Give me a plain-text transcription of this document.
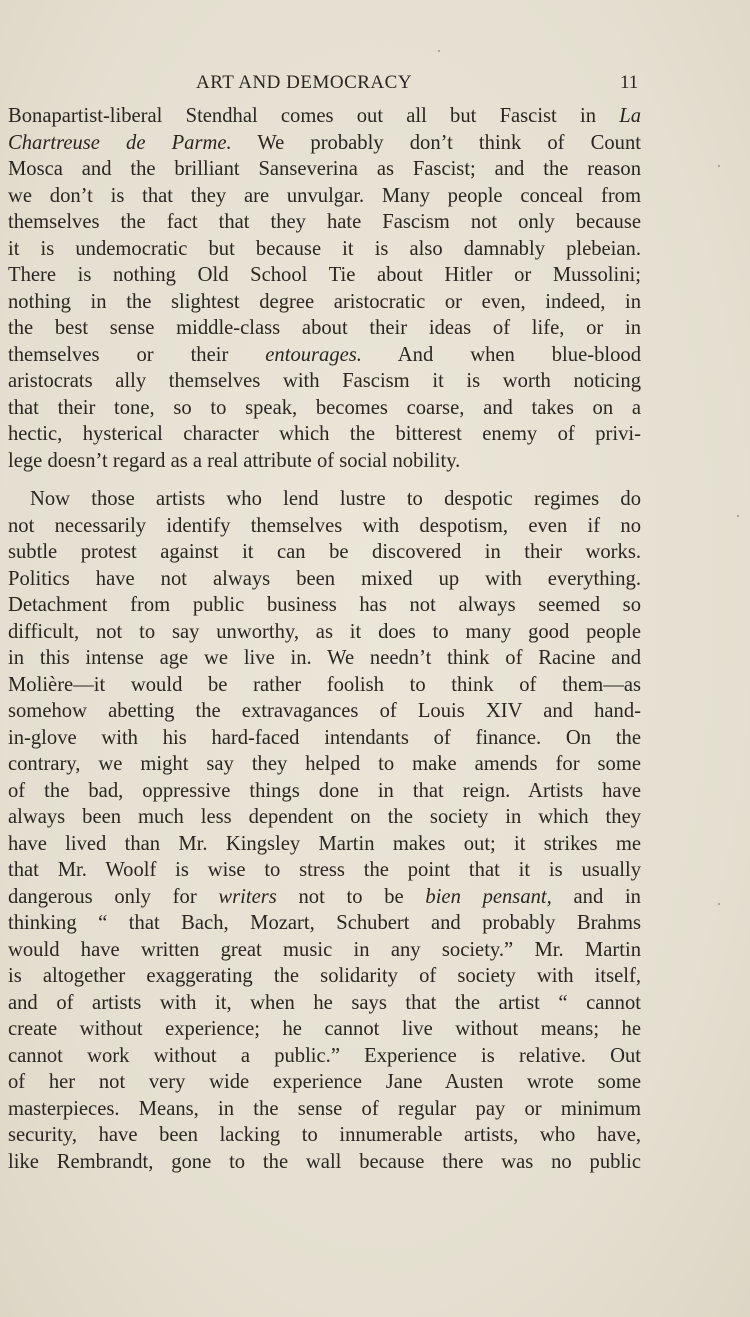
ART AND DEMOCRACY	11
Bonapartist-liberal Stendhal comes out all but Fascist in La
Chartreuse de Parme. We probably don’t think of Count
Mosca and the brilliant Sanseverina as Fascist; and the reason
we don’t is that they are unvulgar. Many people conceal from
themselves the fact that they hate Fascism not only because
it is undemocratic but because it is also damnably plebeian.
There is nothing Old School Tie about Hitler or Mussolini;
nothing in the slightest degree aristocratic or even, indeed, in
the best sense middle-class about their ideas of life, or in
themselves or their entourages. And when blue-blood
aristocrats ally themselves with Fascism it is worth noticing
that their tone, so to speak, becomes coarse, and takes on a
hectic, hysterical character which the bitterest enemy of privi-
lege doesn’t regard as a real attribute of social nobility.
Now those artists who lend lustre to despotic regimes do
not necessarily identify themselves with despotism, even if no
subtle protest against it can be discovered in their works.
Politics have not always been mixed up with everything.
Detachment from public business has not always seemed so
difficult, not to say unworthy, as it does to many good people
in this intense age we live in. We needn’t think of Racine and
Molière—it would be rather foolish to think of them—as
somehow abetting the extravagances of Louis XIV and hand-
in-glove with his hard-faced intendants of finance. On the
contrary, we might say they helped to make amends for some
of the bad, oppressive things done in that reign. Artists have
always been much less dependent on the society in which they
have lived than Mr. Kingsley Martin makes out; it strikes me
that Mr. Woolf is wise to stress the point that it is usually
dangerous only for writers not to be bien pensant, and in
thinking “ that Bach, Mozart, Schubert and probably Brahms
would have written great music in any society.” Mr. Martin
is altogether exaggerating the solidarity of society with itself,
and of artists with it, when he says that the artist “ cannot
create without experience; he cannot live without means; he
cannot work without a public.” Experience is relative. Out
of her not very wide experience Jane Austen wrote some
masterpieces. Means, in the sense of regular pay or minimum
security, have been lacking to innumerable artists, who have,
like Rembrandt, gone to the wall because there was no public
